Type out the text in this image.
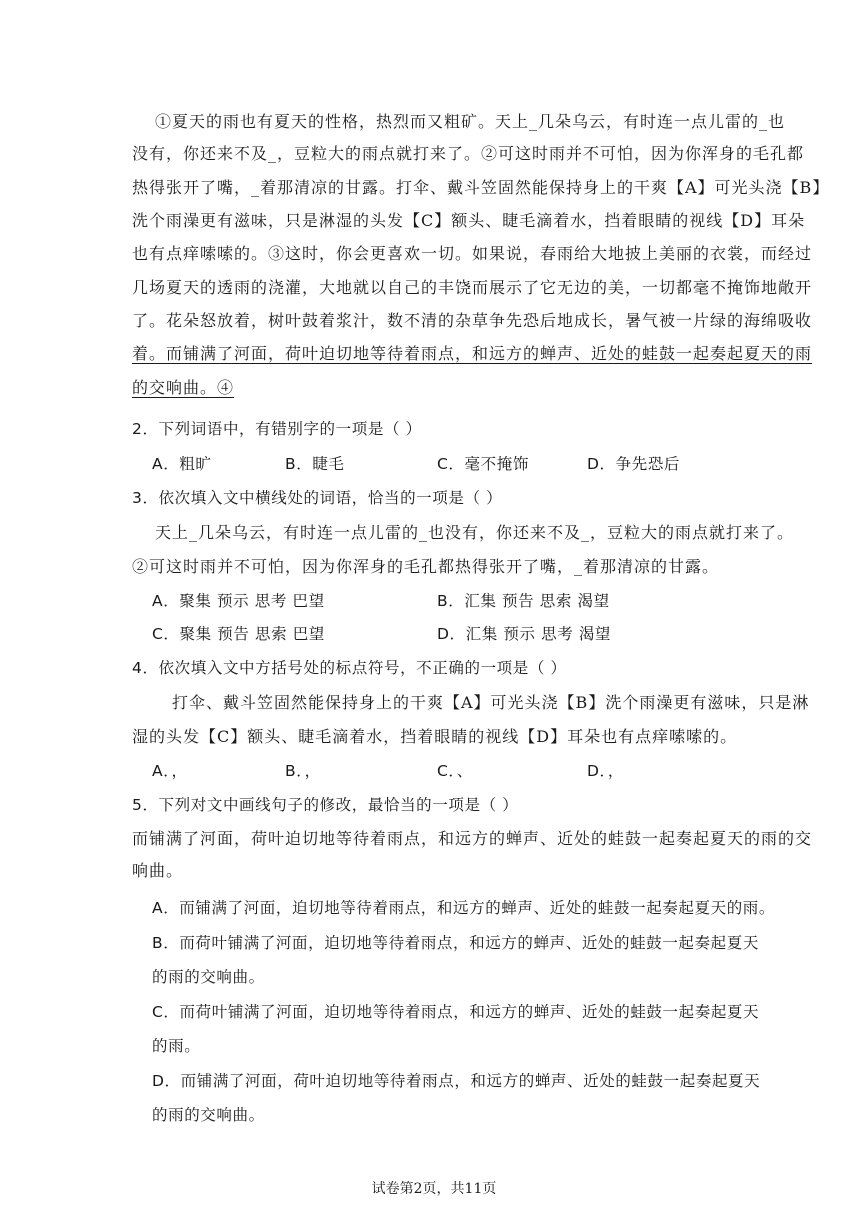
①夏天的雨也有夏天的性格，热烈而又粗矿。天上_几朵乌云，有时连一点儿雷的_也
没有，你还来不及_，豆粒大的雨点就打来了。②可这时雨并不可怕，因为你浑身的毛孔都
热得张开了嘴，_着那清凉的甘露。打伞、戴斗笠固然能保持身上的干爽【A】可光头浇【B】
洗个雨澡更有滋味，只是淋湿的头发【C】额头、睫毛滴着水，挡着眼睛的视线【D】耳朵
也有点痒嗦嗦的。③这时，你会更喜欢一切。如果说，春雨给大地披上美丽的衣裳，而经过
几场夏天的透雨的浇灌，大地就以自己的丰饶而展示了它无边的美，一切都毫不掩饰地敞开
了。花朵怒放着，树叶鼓着浆汁，数不清的杂草争先恐后地成长，暑气被一片绿的海绵吸收
着。而铺满了河面，荷叶迫切地等待着雨点，和远方的蝉声、近处的蛙鼓一起奏起夏天的雨
的交响曲。④
2．下列词语中，有错别字的一项是（ ）
A．粗旷	B．睫毛	C．毫不掩饰	D．争先恐后
3．依次填入文中横线处的词语，恰当的一项是（ ）
天上_几朵乌云，有时连一点儿雷的_也没有，你还来不及_，豆粒大的雨点就打来了。
②可这时雨并不可怕，因为你浑身的毛孔都热得张开了嘴，_着那清凉的甘露。
A．聚集 预示 思考 巴望	B．汇集 预告 思索 渴望
C．聚集 预告 思索 巴望	D．汇集 预示 思考 渴望
4．依次填入文中方括号处的标点符号，不正确的一项是（ ）
打伞、戴斗笠固然能保持身上的干爽【A】可光头浇【B】洗个雨澡更有滋味，只是淋
湿的头发【C】额头、睫毛滴着水，挡着眼睛的视线【D】耳朵也有点痒嗦嗦的。
A．，	B．，	C．、	D．，
5．下列对文中画线句子的修改，最恰当的一项是（ ）
而铺满了河面，荷叶迫切地等待着雨点，和远方的蝉声、近处的蛙鼓一起奏起夏天的雨的交
响曲。
A．而铺满了河面，迫切地等待着雨点，和远方的蝉声、近处的蛙鼓一起奏起夏天的雨。
B．而荷叶铺满了河面，迫切地等待着雨点，和远方的蝉声、近处的蛙鼓一起奏起夏天
的雨的交响曲。
C．而荷叶铺满了河面，迫切地等待着雨点，和远方的蝉声、近处的蛙鼓一起奏起夏天
的雨。
D．而铺满了河面，荷叶迫切地等待着雨点，和远方的蝉声、近处的蛙鼓一起奏起夏天
的雨的交响曲。
试卷第2页，共11页
